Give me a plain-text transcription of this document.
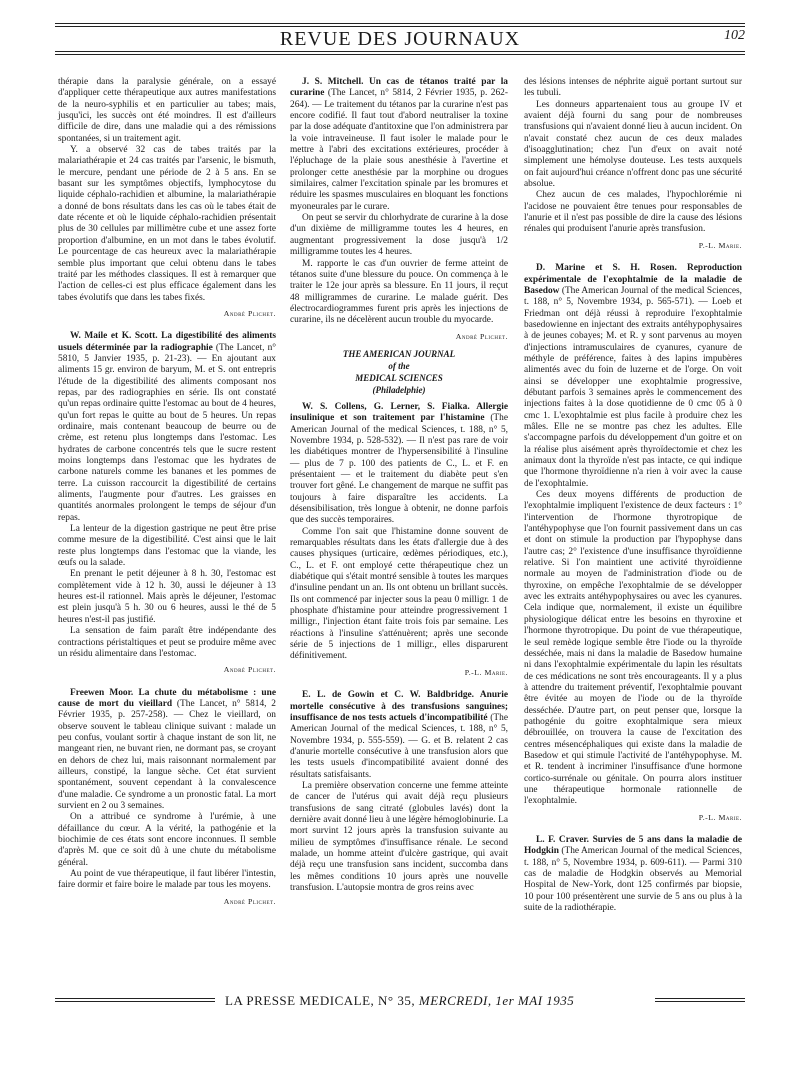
REVUE DES JOURNAUX	102

thérapie dans la paralysie générale, on a essayé d'appliquer cette thérapeutique aux autres manifestations de la neuro-syphilis et en particulier au tabes; mais, jusqu'ici, les succès ont été moindres. Il est d'ailleurs difficile de dire, dans une maladie qui a des rémissions spontanées, si un traitement agit.

Y. a observé 32 cas de tabes traités par la malariathérapie et 24 cas traités par l'arsenic, le bismuth, le mercure, pendant une période de 2 à 5 ans. En se basant sur les symptômes objectifs, lymphocytose du liquide céphalo-rachidien et albumine, la malariathérapie a donné de bons résultats dans les cas où le tabes était de date récente et où le liquide céphalo-rachidien présentait plus de 30 cellules par millimètre cube et une assez forte proportion d'albumine, en un mot dans le tabes évolutif. Le pourcentage de cas heureux avec la malariathérapie semble plus important que celui obtenu dans le tabes traité par les méthodes classiques. Il est à remarquer que l'action de celles-ci est plus efficace également dans les tabes évolutifs que dans les tabes fixés.

André Plichet.

W. Maile et K. Scott. La digestibilité des aliments usuels déterminée par la radiographie (The Lancet, n° 5810, 5 Janvier 1935, p. 21-23). — En ajoutant aux aliments 15 gr. environ de baryum, M. et S. ont entrepris l'étude de la digestibilité des aliments composant nos repas, par des radiographies en série. Ils ont constaté qu'un repas ordinaire quitte l'estomac au bout de 4 heures, qu'un fort repas le quitte au bout de 5 heures. Un repas ordinaire, mais contenant beaucoup de beurre ou de crème, est retenu plus longtemps dans l'estomac. Les hydrates de carbone concentrés tels que le sucre restent moins longtemps dans l'estomac que les hydrates de carbone naturels comme les bananes et les pommes de terre. La cuisson raccourcit la digestibilité de certains aliments, l'augmente pour d'autres. Les graisses en quantités anormales prolongent le temps de séjour d'un repas.

La lenteur de la digestion gastrique ne peut être prise comme mesure de la digestibilité. C'est ainsi que le lait reste plus longtemps dans l'estomac que la viande, les œufs ou la salade.

En prenant le petit déjeuner à 8 h. 30, l'estomac est complètement vide à 12 h. 30, aussi le déjeuner à 13 heures est-il rationnel. Mais après le déjeuner, l'estomac est plein jusqu'à 5 h. 30 ou 6 heures, aussi le thé de 5 heures n'est-il pas justifié.

La sensation de faim paraît être indépendante des contractions péristaltiques et peut se produire même avec un résidu alimentaire dans l'estomac.

André Plichet.

Freewen Moor. La chute du métabolisme : une cause de mort du vieillard (The Lancet, n° 5814, 2 Février 1935, p. 257-258). — Chez le vieillard, on observe souvent le tableau clinique suivant : malade un peu confus, voulant sortir à chaque instant de son lit, ne mangeant rien, ne buvant rien, ne dormant pas, se croyant en dehors de chez lui, mais raisonnant normalement par ailleurs, constipé, la langue sèche. Cet état survient spontanément, souvent cependant à la convalescence d'une maladie. Ce syndrome a un pronostic fatal. La mort survient en 2 ou 3 semaines.

On a attribué ce syndrome à l'urémie, à une défaillance du cœur. A la vérité, la pathogénie et la biochimie de ces états sont encore inconnues. Il semble d'après M. que ce soit dû à une chute du métabolisme général.

Au point de vue thérapeutique, il faut libérer l'intestin, faire dormir et faire boire le malade par tous les moyens.

André Plichet.

J. S. Mitchell. Un cas de tétanos traité par la curarine (The Lancet, n° 5814, 2 Février 1935, p. 262-264). — Le traitement du tétanos par la curarine n'est pas encore codifié. Il faut tout d'abord neutraliser la toxine par la dose adéquate d'antitoxine que l'on administrera par la voie intraveineuse. Il faut isoler le malade pour le mettre à l'abri des excitations extérieures, procéder à l'épluchage de la plaie sous anesthésie à l'avertine et prolonger cette anesthésie par la morphine ou drogues similaires, calmer l'excitation spinale par les bromures et réduire les spasmes musculaires en bloquant les fonctions myoneurales par le curare.

On peut se servir du chlorhydrate de curarine à la dose d'un dixième de milligramme toutes les 4 heures, en augmentant progressivement la dose jusqu'à 1/2 milligramme toutes les 4 heures.

M. rapporte le cas d'un ouvrier de ferme atteint de tétanos suite d'une blessure du pouce. On commença à le traiter le 12e jour après sa blessure. En 11 jours, il reçut 48 milligrammes de curarine. Le malade guérit. Des électrocardiogrammes furent pris après les injections de curarine, ils ne décelèrent aucun trouble du myocarde.

André Plichet.
THE AMERICAN JOURNAL
of the
MEDICAL SCIENCES
(Philadelphie)

W. S. Collens, G. Lerner, S. Fialka. Allergie insulinique et son traitement par l'histamine (The American Journal of the medical Sciences, t. 188, n° 5, Novembre 1934, p. 528-532). — Il n'est pas rare de voir les diabétiques montrer de l'hypersensibilité à l'insuline — plus de 7 p. 100 des patients de C., L. et F. en présentaient — et le traitement du diabète peut s'en trouver fort gêné. Le changement de marque ne suffit pas toujours à faire disparaître les accidents. La désensibilisation, très longue à obtenir, ne donne parfois que des succès temporaires.

Comme l'on sait que l'histamine donne souvent de remarquables résultats dans les états d'allergie due à des causes physiques (urticaire, œdèmes périodiques, etc.), C., L. et F. ont employé cette thérapeutique chez un diabétique qui s'était montré sensible à toutes les marques d'insuline pendant un an. Ils ont obtenu un brillant succès. Ils ont commencé par injecter sous la peau 0 milligr. 1 de phosphate d'histamine pour atteindre progressivement 1 milligr., l'injection étant faite trois fois par semaine. Les réactions à l'insuline s'atténuèrent; après une seconde série de 5 injections de 1 milligr., elles disparurent définitivement.

P.-L. Marie.

E. L. de Gowin et C. W. Baldbridge. Anurie mortelle consécutive à des transfusions sanguines; insuffisance de nos tests actuels d'incompatibilité (The American Journal of the medical Sciences, t. 188, n° 5, Novembre 1934, p. 555-559). — G. et B. relatent 2 cas d'anurie mortelle consécutive à une transfusion alors que les tests usuels d'incompatibilité avaient donné des résultats satisfaisants.

La première observation concerne une femme atteinte de cancer de l'utérus qui avait déjà reçu plusieurs transfusions de sang citraté (globules lavés) dont la dernière avait donné lieu à une légère hémoglobinurie. La mort survint 12 jours après la transfusion suivante au milieu de symptômes d'insuffisance rénale. Le second malade, un homme atteint d'ulcère gastrique, qui avait déjà reçu une transfusion sans incident, succomba dans les mêmes conditions 10 jours après une nouvelle transfusion. L'autopsie montra de gros reins avec

des lésions intenses de néphrite aiguë portant surtout sur les tubuli.

Les donneurs appartenaient tous au groupe IV et avaient déjà fourni du sang pour de nombreuses transfusions qui n'avaient donné lieu à aucun incident. On n'avait constaté chez aucun de ces deux malades d'isoagglutination; chez l'un d'eux on avait noté simplement une hémolyse douteuse. Les tests auxquels on fait aujourd'hui créance n'offrent donc pas une sécurité absolue.

Chez aucun de ces malades, l'hypochlorémie ni l'acidose ne pouvaient être tenues pour responsables de l'anurie et il n'est pas possible de dire la cause des lésions rénales qui produisent l'anurie après transfusion.

P.-L. Marie.

D. Marine et S. H. Rosen. Reproduction expérimentale de l'exophtalmie de la maladie de Basedow (The American Journal of the medical Sciences, t. 188, n° 5, Novembre 1934, p. 565-571). — Loeb et Friedman ont déjà réussi à reproduire l'exophtalmie basedowienne en injectant des extraits antéhypophysaires à de jeunes cobayes; M. et R. y sont parvenus au moyen d'injections intramusculaires de cyanures, cyanure de méthyle de préférence, faites à des lapins impubères alimentés avec du foin de luzerne et de l'orge. On voit ainsi se développer une exophtalmie progressive, débutant parfois 3 semaines après le commencement des injections faites à la dose quotidienne de 0 cmc 05 à 0 cmc 1. L'exophtalmie est plus facile à produire chez les mâles. Elle ne se montre pas chez les adultes. Elle s'accompagne parfois du développement d'un goitre et on la réalise plus aisément après thyroïdectomie et chez les animaux dont la thyroïde n'est pas intacte, ce qui indique que l'hormone thyroïdienne n'a rien à voir avec la cause de l'exophtalmie.

Ces deux moyens différents de production de l'exophtalmie impliquent l'existence de deux facteurs : 1° l'intervention de l'hormone thyrotropique de l'antéhypophyse que l'on fournit passivement dans un cas et dont on stimule la production par l'hypophyse dans l'autre cas; 2° l'existence d'une insuffisance thyroïdienne relative. Si l'on maintient une activité thyroïdienne normale au moyen de l'administration d'iode ou de thyroxine, on empêche l'exophtalmie de se développer avec les extraits antéhypophysaires ou avec les cyanures. Cela indique que, normalement, il existe un équilibre physiologique délicat entre les besoins en thyroxine et l'hormone thyrotropique. Du point de vue thérapeutique, le seul remède logique semble être l'iode ou la thyroïde desséchée, mais ni dans la maladie de Basedow humaine ni dans l'exophtalmie expérimentale du lapin les résultats de ces médications ne sont très encourageants. Il y a plus à attendre du traitement préventif, l'exophtalmie pouvant être évitée au moyen de l'iode ou de la thyroïde desséchée. D'autre part, on peut penser que, lorsque la pathogénie du goitre exophtalmique sera mieux débrouillée, on trouvera la cause de l'excitation des centres mésencéphaliques qui existe dans la maladie de Basedow et qui stimule l'activité de l'antéhypophyse. M. et R. tendent à incriminer l'insuffisance d'une hormone cortico-surrénale ou génitale. On pourra alors instituer une thérapeutique hormonale rationnelle de l'exophtalmie.

P.-L. Marie.

L. F. Craver. Survies de 5 ans dans la maladie de Hodgkin (The American Journal of the medical Sciences, t. 188, n° 5, Novembre 1934, p. 609-611). — Parmi 310 cas de maladie de Hodgkin observés au Memorial Hospital de New-York, dont 125 confirmés par biopsie, 10 pour 100 présentèrent une survie de 5 ans ou plus à la suite de la radiothérapie.

LA PRESSE MEDICALE, N° 35, MERCREDI, 1er MAI 1935
